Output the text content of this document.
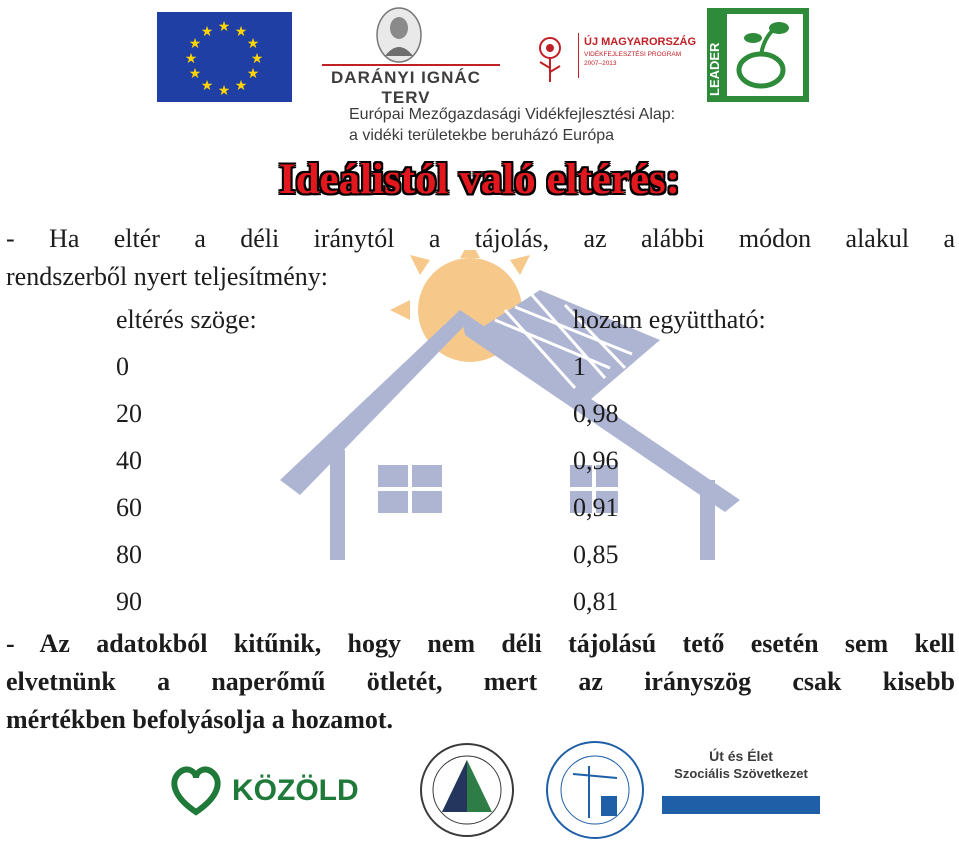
★ ★
★
★
★
★
★
★
★
★
★
★
DARÁNYI IGNÁC TERV
ÚJ MAGYARORSZÁG
VIDÉKFEJLESZTÉSI PROGRAM
2007–2013	LEADER
Európai Mezőgazdasági Vidékfejlesztési Alap:
a vidéki területekbe beruházó Európa
Ideálistól való eltérés:
- Ha eltér a déli iránytól a tájolás, az alábbi módon alakul a
rendszerből nyert teljesítmény:
eltérés szöge:	hozam együttható:
0	1
20	0,98
40	0,96
60	0,91
80	0,85
90	0,81
- Az adatokból kitűnik, hogy nem déli tájolású tető esetén sem kell
elvetnünk a naperőmű ötletét, mert az irányszög csak kisebb
mértékben befolyásolja a hozamot.
KÖZÖLD
Út és Élet
Szociális Szövetkezet
